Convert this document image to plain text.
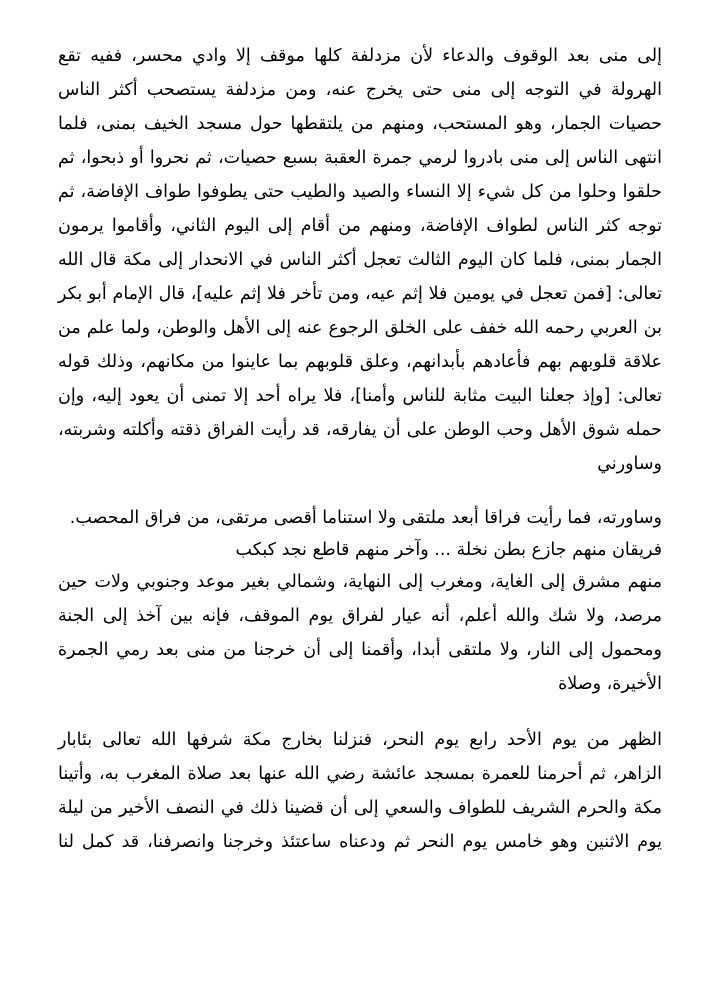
إلى منى بعد الوقوف والدعاء لأن مزدلفة كلها موقف إلا وادي محسر، ففيه تقع
الهرولة في التوجه إلى منى حتى يخرج عنه، ومن مزدلفة يستصحب أكثر الناس
حصيات الجمار، وهو المستحب، ومنهم من يلتقطها حول مسجد الخيف بمنى، فلما
انتهى الناس إلى منى بادروا لرمي جمرة العقبة بسبع حصيات، ثم نحروا أو ذبحوا، ثم
حلقوا وحلوا من كل شيء إلا النساء والصيد والطيب حتى يطوفوا طواف الإفاضة، ثم
توجه كثر الناس لطواف الإفاضة، ومنهم من أقام إلى اليوم الثاني، وأقاموا يرمون
الجمار بمنى، فلما كان اليوم الثالث تعجل أكثر الناس في الانحدار إلى مكة قال الله
تعالى: [فمن تعجل في يومين فلا إثم عيه، ومن تأخر فلا إثم عليه]، قال الإمام أبو بكر
بن العربي رحمه الله خفف على الخلق الرجوع عنه إلى الأهل والوطن، ولما علم من
علاقة قلوبهم بهم فأعادهم بأبدانهم، وعلق قلوبهم بما عاينوا من مكانهم، وذلك قوله
تعالى: [وإذ جعلنا البيت مثابة للناس وأمنا]، فلا يراه أحد إلا تمنى أن يعود إليه، وإن
حمله شوق الأهل وحب الوطن على أن يفارقه، قد رأيت الفراق ذقته وأكلته وشربته،
وساورني
وساورته، فما رأيت فراقا أبعد ملتقى ولا استناما أقصى مرتقى، من فراق المحصب.
فريقان منهم جازع بطن نخلة ... وآخر منهم قاطع نجد كبكب
منهم مشرق إلى الغاية، ومغرب إلى النهاية، وشمالي بغير موعد وجنوبي ولات حين
مرصد، ولا شك والله أعلم، أنه عيار لفراق يوم الموقف، فإنه بين آخذ إلى الجنة
ومحمول إلى النار، ولا ملتقى أبدا، وأقمنا إلى أن خرجنا من منى بعد رمي الجمرة
الأخيرة، وصلاة
الظهر من يوم الأحد رابع يوم النحر، فنزلنا بخارج مكة شرفها الله تعالى بئابار
الزاهر، ثم أحرمنا للعمرة بمسجد عائشة رضي الله عنها بعد صلاة المغرب به، وأتينا
مكة والحرم الشريف للطواف والسعي إلى أن قضينا ذلك في النصف الأخير من ليلة
يوم الاثنين وهو خامس يوم النحر ثم ودعناه ساعتئذ وخرجنا وانصرفنا، قد كمل لنا
